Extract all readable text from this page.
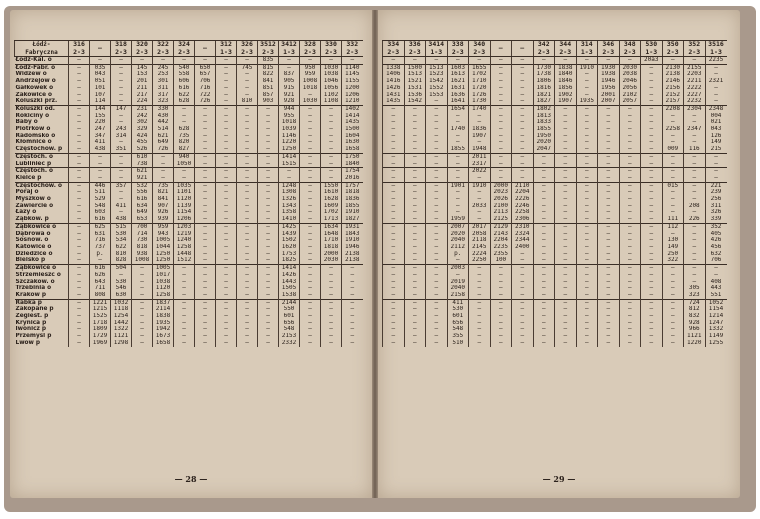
Łódź-
Fabryczna	316 2-3	—	318 2-3	320 2-3	322 2-3	324 2-3	—	312 1-3	326 2-3	3512 2-3	3412 1-3	328 2-3	330 2-3	332 2-3
Łódź-Kal. o	—	—	—	—	—	—	—	—	—	835	—	—	—	—
Łódź-Fabr. o	—	035	—	145	245	540	650	—	745	815	—	950	1030	1140
Widzew o	—	043	—	153	253	558	657	—	—	822	837	959	1038	1145
Andrzejów o	—	051	—	201	301	606	706	—	—	841	905	1008	1046	1155
Gałkówek o	—	101	—	211	311	616	716	—	—	851	915	1018	1056	1200
Żakowice o	—	107	—	217	317	622	722	—	—	857	921	—	1102	1206
Koluszki prz.	—	114	—	224	323	628	726	—	810	903	928	1030	1108	1210
Koluszki od.	—	144	147	231	330	—	—	—	—	—	944	—	—	1402
Rokiciny o	—	155	—	242	430	—	—	—	—	—	955	—	—	1414
Baby o	—	220	—	302	442	—	—	—	—	—	1018	—	—	1435
Piotrków o	—	247	243	329	514	628	—	—	—	—	1039	—	—	1500
Radomsko o	—	347	314	424	621	735	—	—	—	—	1146	—	—	1604
Kłomnice o	—	411	—	455	649	820	—	—	—	—	1220	—	—	1630
Częstochow. p	—	438	351	526	726	827	—	—	—	—	1250	—	—	1658
Częstoch. o	—	—	—	610	—	940	—	—	—	—	1414	—	—	1750
Lubliniec p	—	—	—	738	—	1050	—	—	—	—	1515	—	—	1840
Częstoch. o	—	—	—	621	—	—	—	—	—	—	—	—	—	1754
Kielce p	—	—	—	921	—	—	—	—	—	—	—	—	—	2016
Częstochow. o	—	446	357	532	735	1035	—	—	—	—	1248	—	1550	1757
Poraj o	—	511	—	556	821	1101	—	—	—	—	1308	—	1610	1818
Myszków o	—	529	—	616	841	1120	—	—	—	—	1326	—	1628	1836
Zawiercie o	—	548	411	634	907	1139	—	—	—	—	1343	—	1609	1855
Łazy o	—	603	—	649	926	1154	—	—	—	—	1358	—	1702	1910
Ząbkow. p	—	616	438	653	939	1206	—	—	—	—	1410	—	1713	1827
Ząbkowice o	—	625	515	700	959	1203	—	—	—	—	1425	—	1634	1931
Dąbrowa o	—	631	530	714	943	1219	—	—	—	—	1439	—	1648	1843
Sosnow. o	—	716	534	730	1005	1240	—	—	—	—	1502	—	1710	1910
Katowice o	—	737	622	818	1044	1258	—	—	—	—	1620	—	1818	1946
Dziedzice o	—	p.	810	938	1250	1448	—	—	—	—	1753	—	2000	2138
Bielsko p	—	—	828	1008	1250	1512	—	—	—	—	1825	—	2030	2138
Ząbkowice o	—	616	504	—	1005	—	—	—	—	—	1414	—	—	—
Strzemieszc o	—	626	—	—	1017	—	—	—	—	—	1426	—	—	—
Szczakow. o	—	643	530	—	1038	—	—	—	—	—	1443	—	—	—
Trzebinia o	—	711	546	—	1120	—	—	—	—	—	1505	—	—	—
Kraków p	—	808	630	—	1258	—	—	—	—	—	1538	—	—	—
Rabka p	—	1221	1032	—	1837	—	—	—	—	—	2144	—	—	—
Zakopane p	—	1215	1118	—	2114	—	—	—	—	—	550	—	—	—
Żegiest. p	—	1525	1254	—	1838	—	—	—	—	—	601	—	—	—
Krynica p	—	1718	1442	—	1935	—	—	—	—	—	656	—	—	—
Iwonicz p	—	1809	1322	—	1942	—	—	—	—	—	548	—	—	—
Przemyśl p	—	1729	1121	—	1673	—	—	—	—	—	2153	—	—	—
Lwów p	—	1969	1298	—	1658	—	—	—	—	—	2332	—	—	—
— 28 —
334 2-3	336 2-3	3414 1-3	338 2-3	340 2-3	—	—	342 2-3	344 2-3	314 1-3	346 2-3	348 2-3	530 1-3	350 2-3	352 2-3	3516 1-3
—	—	—	—	—	—	—	—	—	—	—	—	20a3	—	—	2235
1338	1500	1513	1603	1655	—	—	1730	1838	1910	1930	2030	—	2130	2155	—
1406	1513	1523	1613	1702	—	—	1738	1840	—	1938	2038	—	2138	2203	—
1416	1521	1542	1621	1710	—	—	1806	1846	—	1946	2046	—	2146	2211	2321
1426	1531	1552	1631	1720	—	—	1816	1856	—	1956	2056	—	2156	2222	—
1431	1536	1553	1636	1726	—	—	1821	1902	—	2001	2102	—	2152	2227	—
1435	1542	—	1641	1730	—	—	1827	1907	1935	2007	2057	—	2157	2232	—
—	—	—	1654	1740	—	—	1802	—	—	—	—	—	2208	2304	2348
—	—	—	—	—	—	—	1813	—	—	—	—	—	—	—	004
—	—	—	—	—	—	—	1833	—	—	—	—	—	—	—	021
—	—	—	1740	1836	—	—	1855	—	—	—	—	—	2258	2347	043
—	—	—	—	1907	—	—	1950	—	—	—	—	—	—	—	126
—	—	—	—	—	—	—	2020	—	—	—	—	—	—	—	149
—	—	—	1855	1948	—	—	2047	—	—	—	—	—	009	116	215
—	—	—	—	2011	—	—	—	—	—	—	—	—	—	—	—
—	—	—	—	2317	—	—	—	—	—	—	—	—	—	—	—
—	—	—	—	2022	—	—	—	—	—	—	—	—	—	—	—
—	—	—	—	—	—	—	—	—	—	—	—	—	—	—	—
—	—	—	1901	1910	2000	2110	—	—	—	—	—	—	015	—	221
—	—	—	—	—	2023	2204	—	—	—	—	—	—	—	—	239
—	—	—	—	—	2026	2226	—	—	—	—	—	—	—	—	256
—	—	—	—	2033	2100	2246	—	—	—	—	—	—	—	208	311
—	—	—	—	—	2113	2258	—	—	—	—	—	—	—	—	326
—	—	—	1959	—	2125	2306	—	—	—	—	—	—	111	226	339
—	—	—	2007	2017	2129	2310	—	—	—	—	—	—	112	—	352
—	—	—	2020	2058	2143	2324	—	—	—	—	—	—	—	—	405
—	—	—	2040	2118	2204	2344	—	—	—	—	—	—	130	—	426
—	—	—	2112	2145	2235	2400	—	—	—	—	—	—	149	—	456
—	—	—	p.	2224	2355	—	—	—	—	—	—	—	250	—	632
—	—	—	—	2250	100	—	—	—	—	—	—	—	322	—	706
—	—	—	2003	—	—	—	—	—	—	—	—	—	—	—	—
—	—	—	—	—	—	—	—	—	—	—	—	—	—	—	—
—	—	—	2019	—	—	—	—	—	—	—	—	—	—	—	408
—	—	—	2040	—	—	—	—	—	—	—	—	—	—	305	443
—	—	—	2158	—	—	—	—	—	—	—	—	—	—	323	551
—	—	—	411	—	—	—	—	—	—	—	—	—	—	724	1052
—	—	—	530	—	—	—	—	—	—	—	—	—	—	812	1154
—	—	—	601	—	—	—	—	—	—	—	—	—	—	832	1214
—	—	—	656	—	—	—	—	—	—	—	—	—	—	928	1247
—	—	—	548	—	—	—	—	—	—	—	—	—	—	966	1332
—	—	—	355	—	—	—	—	—	—	—	—	—	—	1121	1149
—	—	—	510	—	—	—	—	—	—	—	—	—	—	1220	1255
— 29 —
